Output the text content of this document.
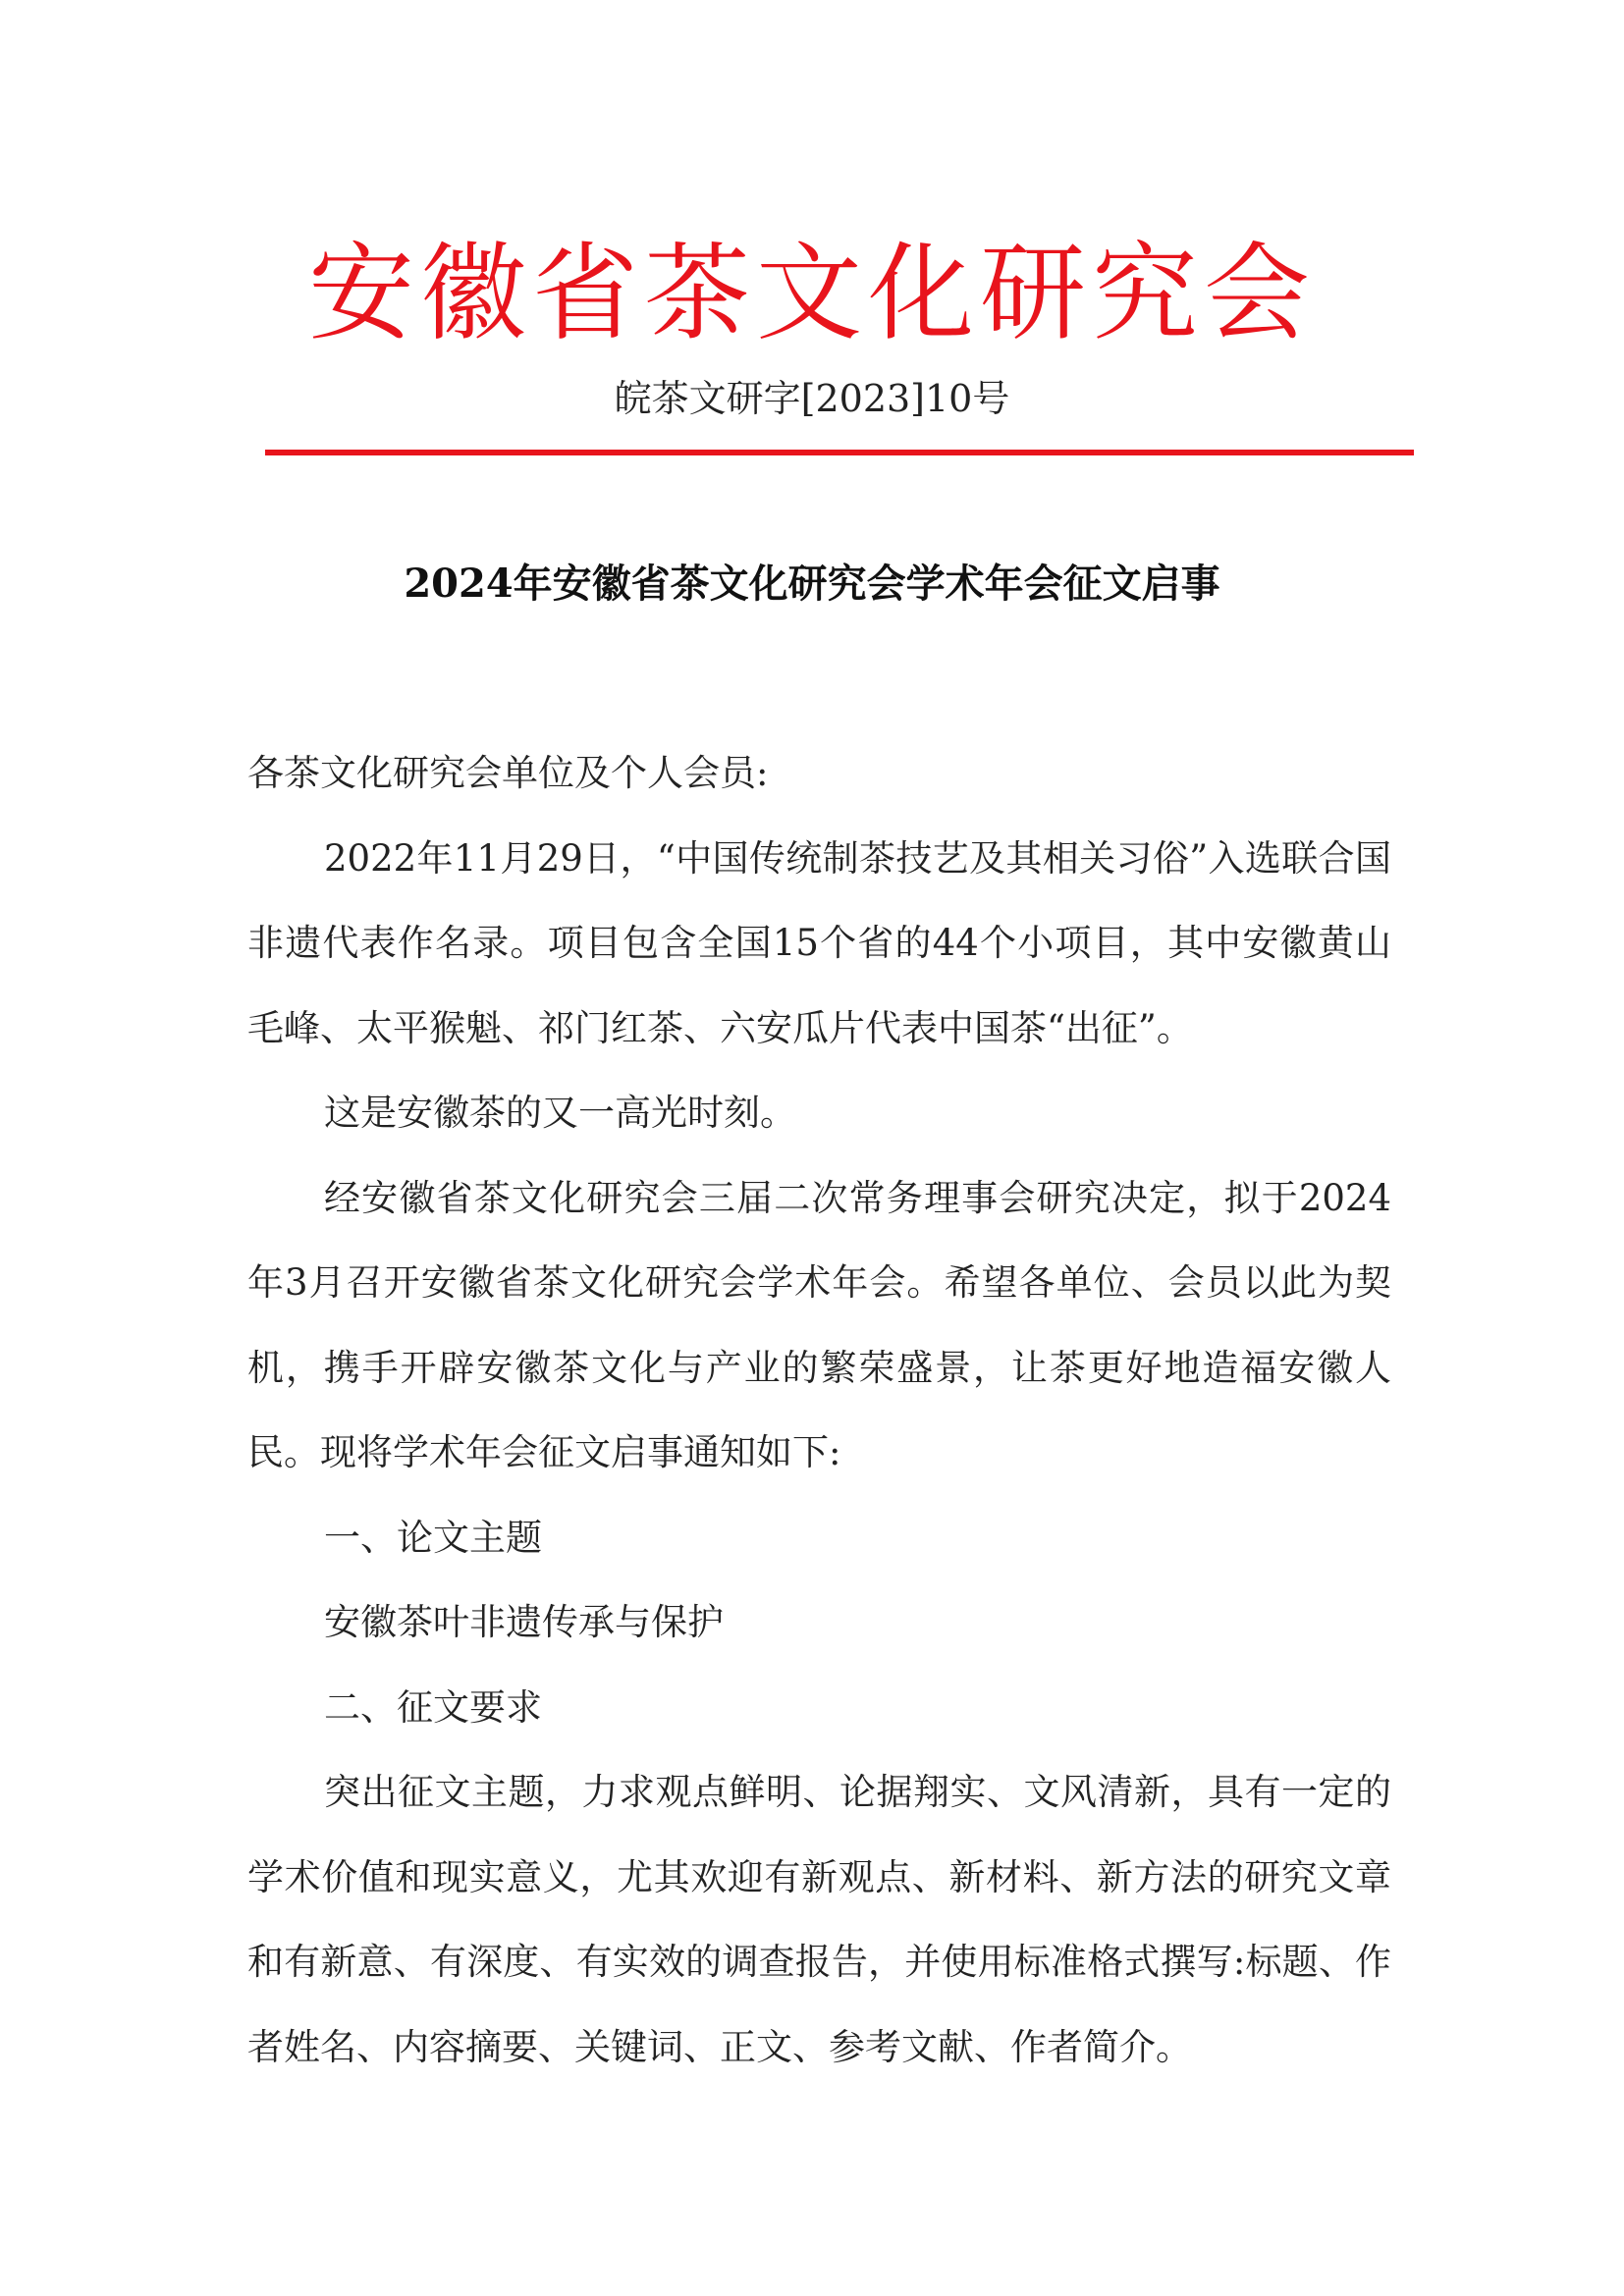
安徽省茶文化研究会
皖茶文研字[2023]10号
2024年安徽省茶文化研究会学术年会征文启事

各茶文化研究会单位及个人会员:

2022年11月29日，“中国传统制茶技艺及其相关习俗”入选联合国非遗代表作名录。项目包含全国15个省的44个小项目，其中安徽黄山毛峰、太平猴魁、祁门红茶、六安瓜片代表中国茶“出征”。

这是安徽茶的又一高光时刻。

经安徽省茶文化研究会三届二次常务理事会研究决定，拟于2024年3月召开安徽省茶文化研究会学术年会。希望各单位、会员以此为契机，携手开辟安徽茶文化与产业的繁荣盛景，让茶更好地造福安徽人民。现将学术年会征文启事通知如下:

一、论文主题

安徽茶叶非遗传承与保护

二、征文要求

突出征文主题，力求观点鲜明、论据翔实、文风清新，具有一定的学术价值和现实意义，尤其欢迎有新观点、新材料、新方法的研究文章和有新意、有深度、有实效的调查报告，并使用标准格式撰写:标题、作者姓名、内容摘要、关键词、正文、参考文献、作者简介。
